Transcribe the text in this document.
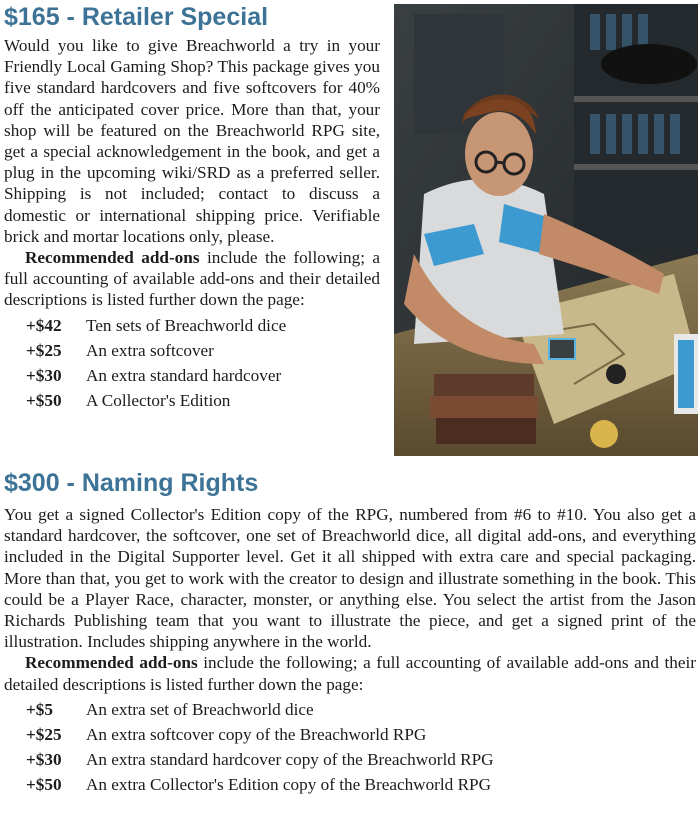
$165 - Retailer Special

Would you like to give Breachworld a try in your Friendly Local Gaming Shop? This package gives you five standard hardcovers and five softcovers for 40% off the anticipated cover price. More than that, your shop will be featured on the Breachworld RPG site, get a special acknowledgement in the book, and get a plug in the upcoming wiki/SRD as a preferred seller. Shipping is not included; contact to discuss a domestic or international shipping price. Verifiable brick and mortar locations only, please.

Recommended add-ons include the following; a full accounting of available add-ons and their detailed descriptions is listed further down the page:

+$42 Ten sets of Breachworld dice
+$25 An extra softcover
+$30 An extra standard hardcover
+$50 A Collector's Edition
$300 - Naming Rights

You get a signed Collector's Edition copy of the RPG, numbered from #6 to #10. You also get a standard hardcover, the softcover, one set of Breachworld dice, all digital add-ons, and everything included in the Digital Supporter level. Get it all shipped with extra care and special packaging. More than that, you get to work with the creator to design and illustrate something in the book. This could be a Player Race, character, monster, or anything else. You select the artist from the Jason Richards Publishing team that you want to illustrate the piece, and get a signed print of the illustration. Includes shipping anywhere in the world.

Recommended add-ons include the following; a full accounting of available add-ons and their detailed descriptions is listed further down the page:

+$5 An extra set of Breachworld dice
+$25 An extra softcover copy of the Breachworld RPG
+$30 An extra standard hardcover copy of the Breachworld RPG
+$50 An extra Collector's Edition copy of the Breachworld RPG
